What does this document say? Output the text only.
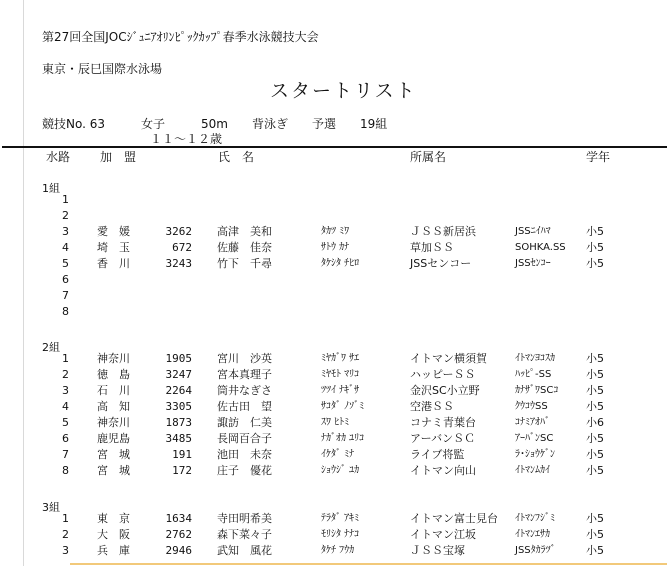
第27回全国JOCｼﾞｭﾆｱｵﾘﾝﾋﾟｯｸｶｯﾌﾟ春季水泳競技大会
東京・辰巳国際水泳場
スタートリスト
競技No. 63　　　女子　　　50m　　背泳ぎ　　予選　　19組
１１～１２歳
水路 加　盟	氏　名	所属名	学年
1組
1
2
3	愛　媛	3262 高津　美和	ﾀｶﾂ ﾐﾜ	ＪＳＳ新居浜	JSSﾆｲﾊﾏ	小5
4	埼　玉	672 佐藤　佳奈	ｻﾄｳ ｶﾅ	草加ＳＳ	SOHKA.SS 小5
5	香　川	3243 竹下　千尋	ﾀｹｼﾀ ﾁﾋﾛ	JSSセンコー	JSSｾﾝｺｰ	小5
6
7
8
2組
1	神奈川	1905 宮川　沙英	ﾐﾔｶﾞﾜ ｻｴ	イトマン横須賀	ｲﾄﾏﾝﾖｺｽｶ	小5
2	徳　島	3247 宮本真理子	ﾐﾔﾓﾄ ﾏﾘｺ	ハッピーＳＳ	ﾊｯﾋﾟ-SS	小5
3	石　川	2264 筒井なぎさ	ﾂﾂｲ ﾅｷﾞｻ	金沢SC小立野	ｶﾅｻﾞﾜSCｺ	小5
4	高　知	3305 佐古田　望	ｻｺﾀﾞ ﾉｿﾞﾐ	空港ＳＳ	ｸｳｺｳSS	小5
5	神奈川	1873 諏訪　仁美	ｽﾜ ﾋﾄﾐ	コナミ青葉台	ｺﾅﾐｱｵﾊﾞ	小6
6	鹿児島	3485 長岡百合子	ﾅｶﾞｵｶ ﾕﾘｺ	アーバンＳＣ	ｱｰﾊﾞﾝSC	小5
7	宮　城	191 池田　未奈	ｲｹﾀﾞ ﾐﾅ	ライブ将監	ﾗ･ｼｮｳｹﾞﾝ	小5
8	宮　城	172 庄子　優花	ｼｮｳｼﾞ ﾕｶ	イトマン向山	ｲﾄﾏﾝﾑｶｲ	小5
3組
1	東　京	1634 寺田明希美	ﾃﾗﾀﾞ ｱｷﾐ	イトマン富士見台 ｲﾄﾏﾝﾌｼﾞﾐ	小5
2	大　阪	2762 森下菜々子	ﾓﾘｼﾀ ﾅﾅｺ	イトマン江坂	ｲﾄﾏﾝｴｻｶ	小5
3	兵　庫	2946 武知　風花	ﾀｹﾁ ﾌｳｶ	ＪＳＳ宝塚	JSSﾀｶﾗﾂﾞ	小5
